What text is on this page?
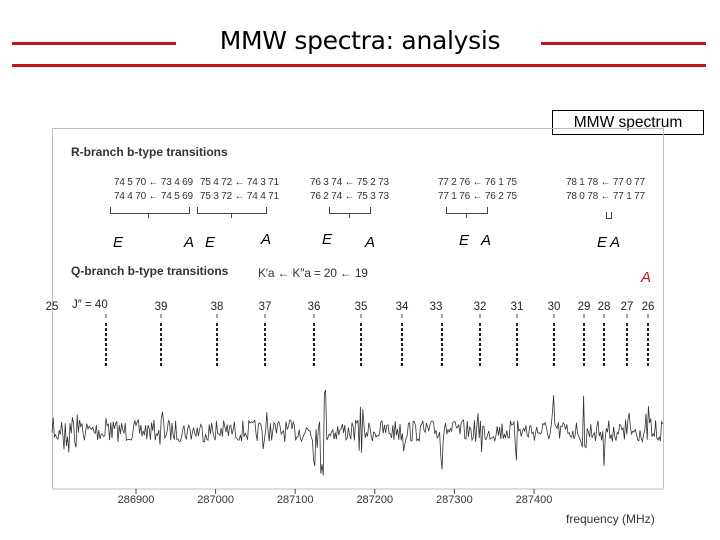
MMW spectra: analysis
MMW spectrum
R-branch b-type transitions
74 5 70 ← 73 4 69
74 4 70 ← 74 5 69
75 4 72 ← 74 3 71
75 3 72 ← 74 4 71
76 3 74 ← 75 2 73
76 2 74 ← 75 3 73
77 2 76 ← 76 1 75
77 1 76 ← 76 2 75
78 1 78 ← 77 0 77
78 0 78 ← 77 1 77
Q-branch b-type transitions K′a ← K″a = 20 ← 19
J″ = 40	39	38	37	36	35 34 33	32 31 30 29 28 27 26
25
286900	287000	287100	287200	287300	287400
frequency (MHz)
E	A E	A	E A	E A	E A
A
